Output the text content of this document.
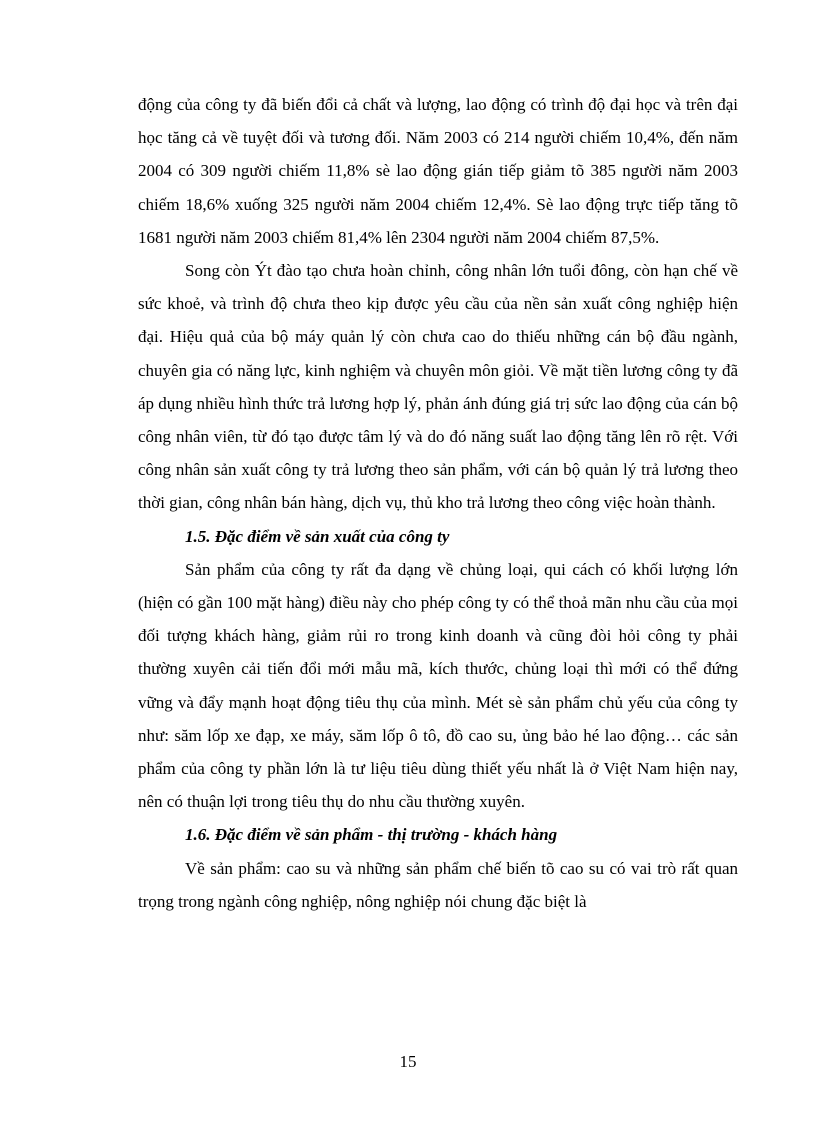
động của công ty đã biến đổi cả chất và lượng, lao động có trình độ đại học và trên đại học tăng cả về tuyệt đối và tương đối. Năm 2003 có 214 người chiếm 10,4%, đến năm 2004 có 309 người chiếm 11,8% sè lao động gián tiếp giảm tõ 385 người năm 2003 chiếm 18,6% xuống 325 người năm 2004 chiếm 12,4%. Sè lao động trực tiếp tăng tõ 1681 người năm 2003 chiếm 81,4% lên 2304 người năm 2004 chiếm 87,5%.

Song còn Ýt đào tạo chưa hoàn chỉnh, công nhân lớn tuổi đông, còn hạn chế về sức khoẻ, và trình độ chưa theo kịp được yêu cầu của nền sản xuất công nghiệp hiện đại. Hiệu quả của bộ máy quản lý còn chưa cao do thiếu những cán bộ đầu ngành, chuyên gia có năng lực, kinh nghiệm và chuyên môn giỏi. Về mặt tiền lương công ty đã áp dụng nhiều hình thức trả lương hợp lý, phản ánh đúng giá trị sức lao động của cán bộ công nhân viên, từ đó tạo được tâm lý và do đó năng suất lao động tăng lên rõ rệt. Với công nhân sản xuất công ty trả lương theo sản phẩm, với cán bộ quản lý trả lương theo thời gian, công nhân bán hàng, dịch vụ, thủ kho trả lương theo công việc hoàn thành.

1.5. Đặc điểm về sản xuất của công ty

Sản phẩm của công ty rất đa dạng về chủng loại, qui cách có khối lượng lớn (hiện có gần 100 mặt hàng) điều này cho phép công ty có thể thoả mãn nhu cầu của mọi đối tượng khách hàng, giảm rủi ro trong kinh doanh và cũng đòi hỏi công ty phải thường xuyên cải tiến đổi mới mẫu mã, kích thước, chủng loại thì mới có thể đứng vững và đẩy mạnh hoạt động tiêu thụ của mình. Mét sè sản phẩm chủ yếu của công ty như: săm lốp xe đạp, xe máy, săm lốp ô tô, đồ cao su, ủng bảo hé lao động… các sản phẩm của công ty phần lớn là tư liệu tiêu dùng thiết yếu nhất là ở Việt Nam hiện nay, nên có thuận lợi trong tiêu thụ do nhu cầu thường xuyên.

1.6. Đặc điểm về sản phẩm - thị trường - khách hàng

Về sản phẩm: cao su và những sản phẩm chế biến tõ cao su có vai trò rất quan trọng trong ngành công nghiệp, nông nghiệp nói chung đặc biệt là

15
